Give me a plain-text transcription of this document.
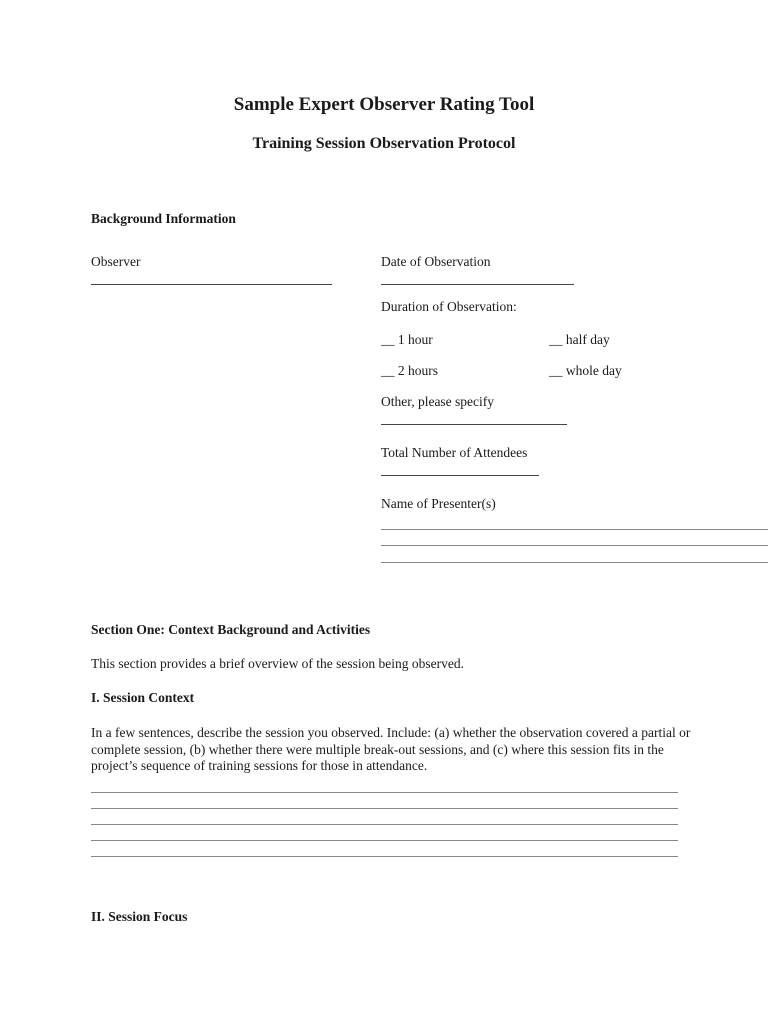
Sample Expert Observer Rating Tool
Training Session Observation Protocol
Background Information
Observer	Date of Observation
Duration of Observation:
__ 1 hour	__ half day
__ 2 hours	__ whole day
Other, please specify
Total Number of Attendees
Name of Presenter(s)
Section One: Context Background and Activities
This section provides a brief overview of the session being observed.
I. Session Context
In a few sentences, describe the session you observed. Include: (a) whether the observation covered a partial or complete session, (b) whether there were multiple break-out sessions, and (c) where this session fits in the project’s sequence of training sessions for those in attendance.
II. Session Focus
